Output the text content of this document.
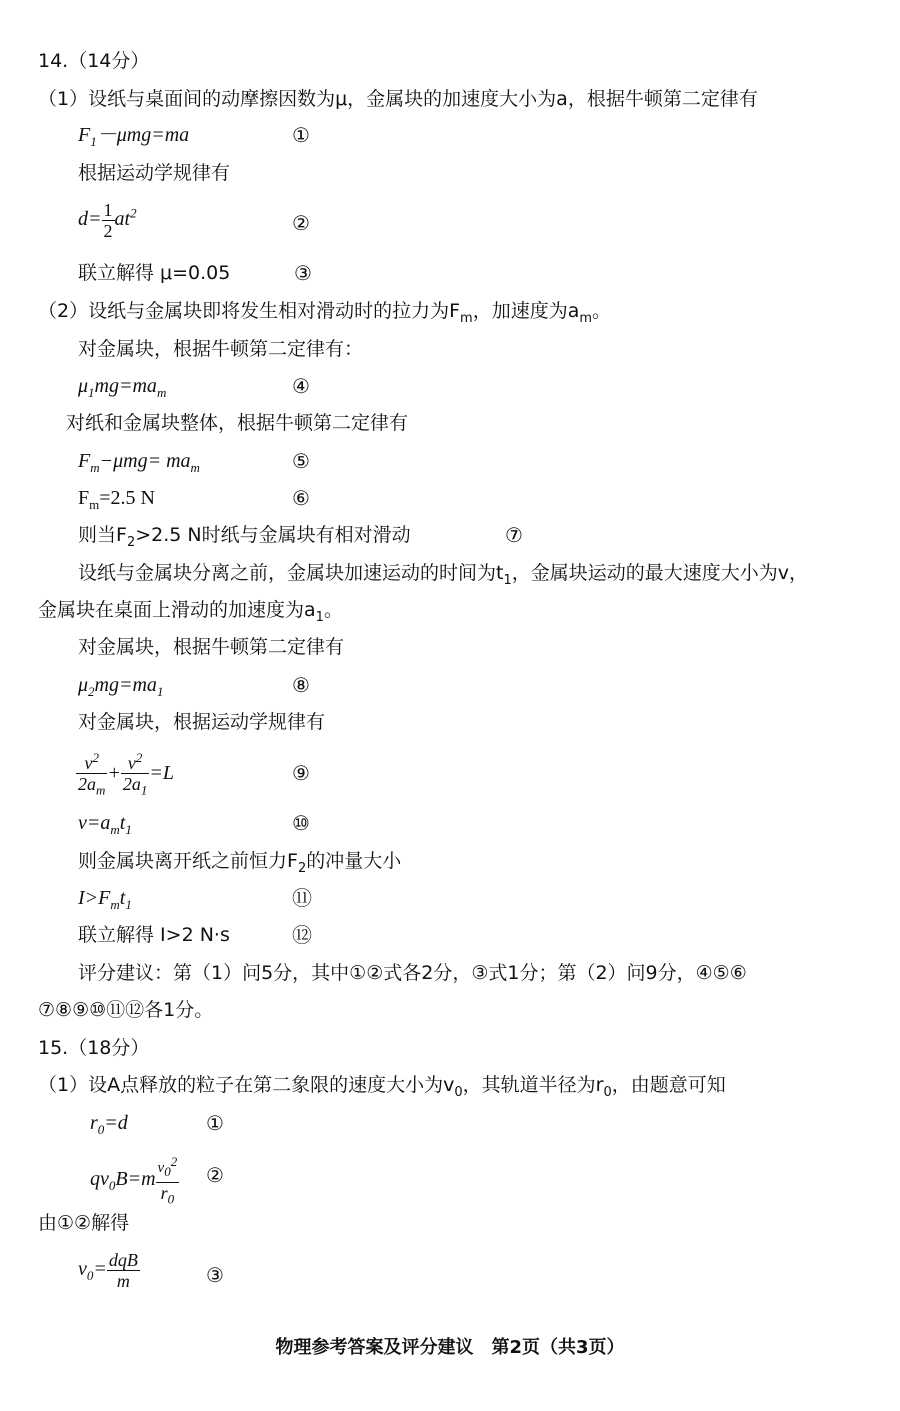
14.（14分）
（1）设纸与桌面间的动摩擦因数为μ，金属块的加速度大小为a，根据牛顿第二定律有
$F_1-\mu mg=ma$	①
根据运动学规律有
$d= \frac{1}{2} at^2$	②
联立解得 μ=0.05	③
（2）设纸与金属块即将发生相对滑动时的拉力为$F_m$，加速度为$a_m$。
对金属块，根据牛顿第二定律有：
$\mu_1mg=ma_m$	④
对纸和金属块整体，根据牛顿第二定律有
$F_m-\mu mg= ma_m$	⑤
$F_m=2.5$ N	⑥
则当$F_2>2.5$ N时纸与金属块有相对滑动	⑦
设纸与金属块分离之前，金属块加速运动的时间为$t_1$，金属块运动的最大速度大小为v，
金属块在桌面上滑动的加速度为$a_1$。
对金属块，根据牛顿第二定律有
$\mu_2mg=ma_1$	⑧
对金属块，根据运动学规律有
$\frac{v^2}{2a_m} + \frac{v^2}{2a_1} =L$	⑨
$v=a_mt_1$	⑩
则金属块离开纸之前恒力$F_2$的冲量大小
$I>F_mt_1$	⑪
联立解得 I>2 N·s	⑫
评分建议：第（1）问5分，其中①②式各2分，③式1分；第（2）问9分，④⑤⑥
⑦⑧⑨⑩⑪⑫各1分。
15.（18分）
（1）设A点释放的粒子在第二象限的速度大小为$v_0$，其轨道半径为$r_0$，由题意可知
$r_0=d$	①
$qv_0B=m \frac{v_0^2}{r_0}$ ②
由①②解得
$v_0= \frac{\text{dqB}}{m}$	③
物理参考答案及评分建议　第2页（共3页）
